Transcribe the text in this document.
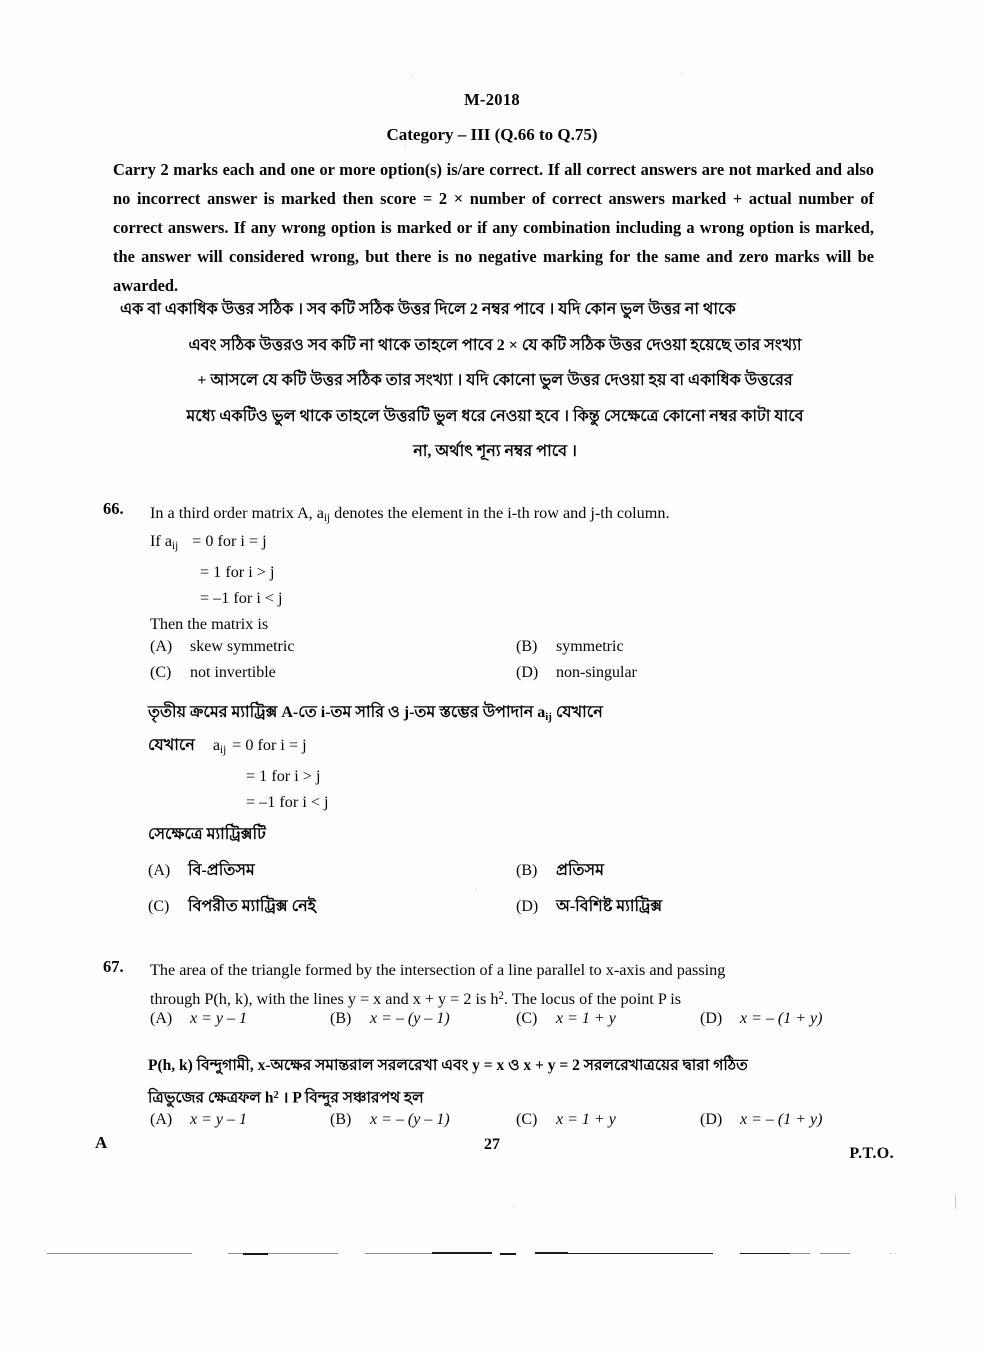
M-2018
Category – III (Q.66 to Q.75)
Carry 2 marks each and one or more option(s) is/are correct. If all correct answers are not marked and also no incorrect answer is marked then score = 2 × number of correct answers marked + actual number of correct answers. If any wrong option is marked or if any combination including a wrong option is marked, the answer will considered wrong, but there is no negative marking for the same and zero marks will be awarded.
এক বা একাধিক উত্তর সঠিক । সব কটি সঠিক উত্তর দিলে 2 নম্বর পাবে । যদি কোন ভুল উত্তর না থাকে
এবং সঠিক উত্তরও সব কটি না থাকে তাহলে পাবে 2 × যে কটি সঠিক উত্তর দেওয়া হয়েছে তার সংখ্যা
+ আসলে যে কটি উত্তর সঠিক তার সংখ্যা । যদি কোনো ভুল উত্তর দেওয়া হয় বা একাধিক উত্তরের
মধ্যে একটিও ভুল থাকে তাহলে উত্তরটি ভুল ধরে নেওয়া হবে । কিন্তু সেক্ষেত্রে কোনো নম্বর কাটা যাবে
না, অর্থাৎ শূন্য নম্বর পাবে ।
66. In a third order matrix A, $a_{ij}$ denotes the element in the i-th row and j-th column.
If $a_{ij} = 0$ for i = j
= 1 for i > j
= –1 for i < j
Then the matrix is
(A) skew symmetric	(B) symmetric
(C) not invertible	(D) non-singular
তৃতীয় ক্রমের ম্যাট্রিক্স A-তে i-তম সারি ও j-তম স্তম্ভের উপাদান $a_{ij}$ যেখানে
যেখানে $a_{ij} = 0$ for i = j
= 1 for i > j
= –1 for i < j
সেক্ষেত্রে ম্যাট্রিক্সটি
(A) বি-প্রতিসম	(B) প্রতিসম
(C) বিপরীত ম্যাট্রিক্স নেই	(D) অ-বিশিষ্ট ম্যাট্রিক্স
67. The area of the triangle formed by the intersection of a line parallel to x-axis and passing
through P(h, k), with the lines y = x and x + y = 2 is $h^2$. The locus of the point P is
(A) x = y – 1	(B) x = – (y – 1)	(C) x = 1 + y	(D) x = – (1 + y)
P(h, k) বিন্দুগামী, x-অক্ষের সমান্তরাল সরলরেখা এবং y = x ও x + y = 2 সরলরেখাত্রয়ের দ্বারা গঠিত
ত্রিভুজের ক্ষেত্রফল $h^2$ । P বিন্দুর সঞ্চারপথ হল
(A) x = y – 1	(B) x = – (y – 1)	(C) x = 1 + y	(D) x = – (1 + y)
A	27
P.T.O.
